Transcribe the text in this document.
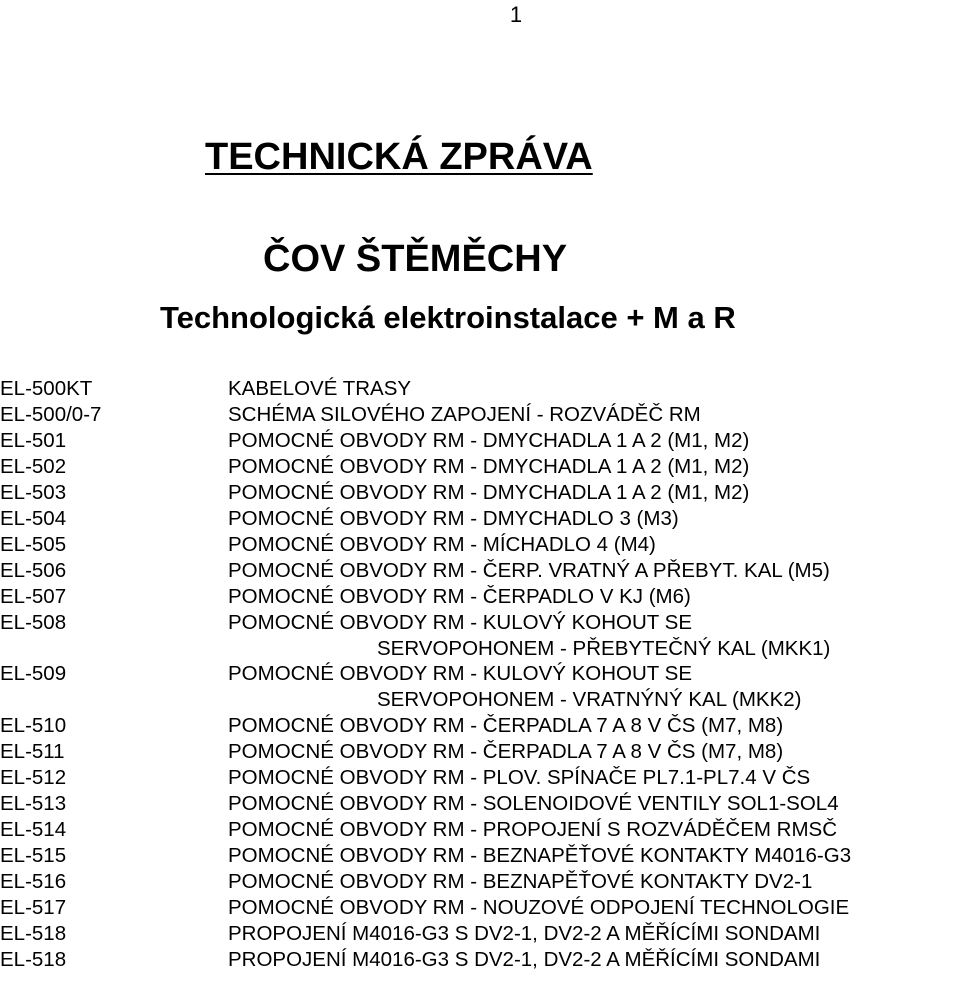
1
TECHNICKÁ ZPRÁVA
ČOV ŠTĚMĚCHY
Technologická elektroinstalace + M a R
EL-500KT	KABELOVÉ TRASY
EL-500/0-7	SCHÉMA SILOVÉHO ZAPOJENÍ - ROZVÁDĚČ RM
EL-501	POMOCNÉ OBVODY RM - DMYCHADLA 1 A 2 (M1, M2)
EL-502	POMOCNÉ OBVODY RM - DMYCHADLA 1 A 2 (M1, M2)
EL-503	POMOCNÉ OBVODY RM - DMYCHADLA 1 A 2 (M1, M2)
EL-504	POMOCNÉ OBVODY RM - DMYCHADLO 3 (M3)
EL-505	POMOCNÉ OBVODY RM - MÍCHADLO 4 (M4)
EL-506	POMOCNÉ OBVODY RM - ČERP. VRATNÝ A PŘEBYT. KAL (M5)
EL-507	POMOCNÉ OBVODY RM - ČERPADLO V KJ (M6)
EL-508	POMOCNÉ OBVODY RM - KULOVÝ KOHOUT SE
SERVOPOHONEM - PŘEBYTEČNÝ KAL (MKK1)
EL-509	POMOCNÉ OBVODY RM - KULOVÝ KOHOUT SE
SERVOPOHONEM - VRATNÝNÝ KAL (MKK2)
EL-510	POMOCNÉ OBVODY RM - ČERPADLA 7 A 8 V ČS (M7, M8)
EL-511	POMOCNÉ OBVODY RM - ČERPADLA 7 A 8 V ČS (M7, M8)
EL-512	POMOCNÉ OBVODY RM - PLOV. SPÍNAČE PL7.1-PL7.4 V ČS
EL-513	POMOCNÉ OBVODY RM - SOLENOIDOVÉ VENTILY SOL1-SOL4
EL-514	POMOCNÉ OBVODY RM - PROPOJENÍ S ROZVÁDĚČEM RMSČ
EL-515	POMOCNÉ OBVODY RM - BEZNAPĚŤOVÉ KONTAKTY M4016-G3
EL-516	POMOCNÉ OBVODY RM - BEZNAPĚŤOVÉ KONTAKTY DV2-1
EL-517	POMOCNÉ OBVODY RM - NOUZOVÉ ODPOJENÍ TECHNOLOGIE
EL-518	PROPOJENÍ M4016-G3 S DV2-1, DV2-2 A MĚŘÍCÍMI SONDAMI
EL-518	PROPOJENÍ M4016-G3 S DV2-1, DV2-2 A MĚŘÍCÍMI SONDAMI
